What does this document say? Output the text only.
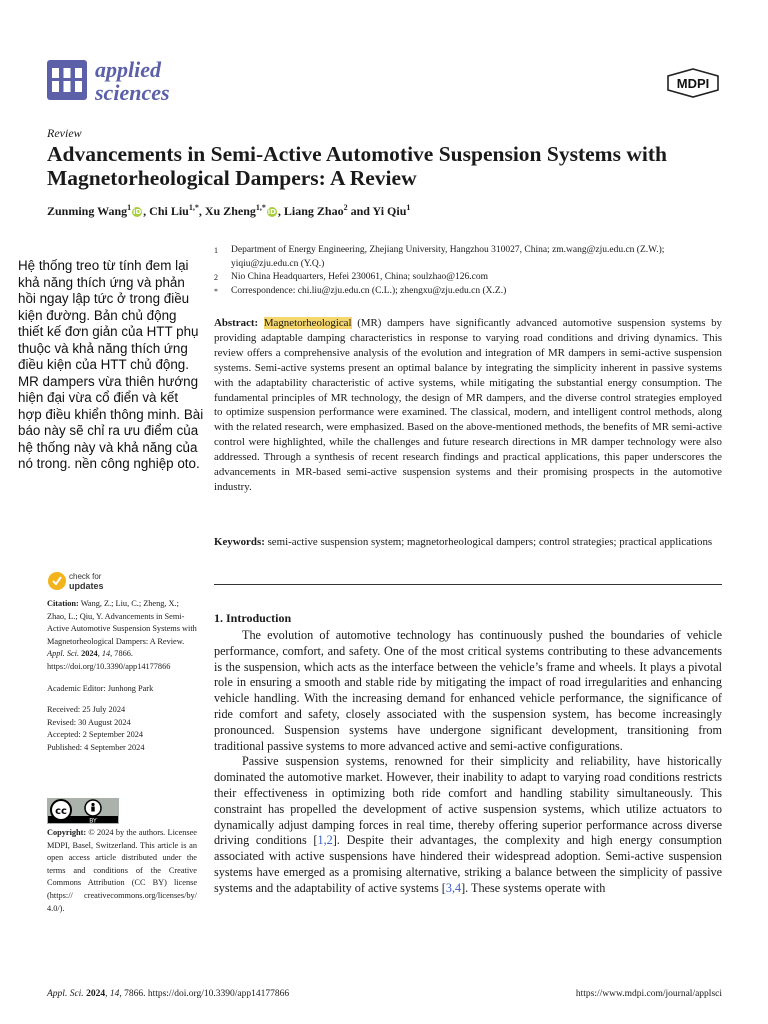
applied sciences	MDPI
Review
Advancements in Semi-Active Automotive Suspension Systems with Magnetorheological Dampers: A Review
Zunming Wang$^1$ iD , Chi Liu$^{1,*}$, Xu Zheng$^{1,*}$ iD , Liang Zhao$^2$ and Yi Qiu$^1$
Hệ thống treo từ tính đem lại khả năng thích ứng và phản hồi ngay lập tức ở trong điều kiện đường. Bản chủ động thiết kế đơn giản của HTT phụ thuộc và khả năng thích ứng điều kiện của HTT chủ động. MR dampers vừa thiên hướng hiện đại vừa cổ điển và kết hợp điều khiển thông minh. Bài báo này sẽ chỉ ra ưu điểm của hệ thống này và khả năng của nó trong. nền công nghiệp oto.
1	Department of Energy Engineering, Zhejiang University, Hangzhou 310027, China; zm.wang@zju.edu.cn (Z.W.); yiqiu@zju.edu.cn (Y.Q.)
2	Nio China Headquarters, Hefei 230061, China; soulzhao@126.com
*	Correspondence: chi.liu@zju.edu.cn (C.L.); zhengxu@zju.edu.cn (X.Z.)
Abstract: Magnetorheological (MR) dampers have significantly advanced automotive suspension systems by providing adaptable damping characteristics in response to varying road conditions and driving dynamics. This review offers a comprehensive analysis of the evolution and integration of MR dampers in semi-active suspension systems. Semi-active systems present an optimal balance by integrating the simplicity inherent in passive systems with the adaptability characteristic of active systems, while mitigating the substantial energy consumption. The fundamental principles of MR technology, the design of MR dampers, and the diverse control strategies employed to optimize suspension performance were examined. The classical, modern, and intelligent control methods, along with the related research, were emphasized. Based on the above-mentioned methods, the benefits of MR semi-active control were highlighted, while the challenges and future research directions in MR damper technology were also addressed. Through a synthesis of recent research findings and practical applications, this paper underscores the advancements in MR-based semi-active suspension systems and their promising prospects in the automotive industry.
Keywords: semi-active suspension system; magnetorheological dampers; control strategies; practical applications
check for
updates

Citation: Wang, Z.; Liu, C.; Zheng, X.; Zhao, L.; Qiu, Y. Advancements in Semi-Active Automotive Suspension Systems with Magnetorheological Dampers: A Review. Appl. Sci. 2024, 14, 7866. https://doi.org/10.3390/app14177866

Academic Editor: Junhong Park

Received: 25 July 2024

Revised: 30 August 2024

Accepted: 2 September 2024

Published: 4 September 2024

cc
BY
Copyright: © 2024 by the authors. Licensee MDPI, Basel, Switzerland. This article is an open access article distributed under the terms and conditions of the Creative Commons Attribution (CC BY) license (https:// creativecommons.org/licenses/by/ 4.0/).
1. Introduction

The evolution of automotive technology has continuously pushed the boundaries of vehicle performance, comfort, and safety. One of the most critical systems contributing to these advancements is the suspension, which acts as the interface between the vehicle’s frame and wheels. It plays a pivotal role in ensuring a smooth and stable ride by mitigating the impact of road irregularities and enhancing vehicle handling. With the increasing demand for enhanced vehicle performance, the significance of ride comfort and safety, closely associated with the suspension system, has become increasingly pronounced. Suspension systems have undergone significant development, transitioning from traditional passive systems to more advanced active and semi-active configurations.

Passive suspension systems, renowned for their simplicity and reliability, have historically dominated the automotive market. However, their inability to adapt to varying road conditions restricts their effectiveness in optimizing both ride comfort and handling stability simultaneously. This constraint has propelled the development of active suspension systems, which utilize actuators to dynamically adjust damping forces in real time, thereby offering superior performance across diverse driving conditions [1,2]. Despite their advantages, the complexity and high energy consumption associated with active suspensions have hindered their widespread adoption. Semi-active suspension systems have emerged as a promising alternative, striking a balance between the simplicity of passive systems and the adaptability of active systems [3,4]. These systems operate with

Appl. Sci. 2024, 14, 7866. https://doi.org/10.3390/app14177866	https://www.mdpi.com/journal/applsci
